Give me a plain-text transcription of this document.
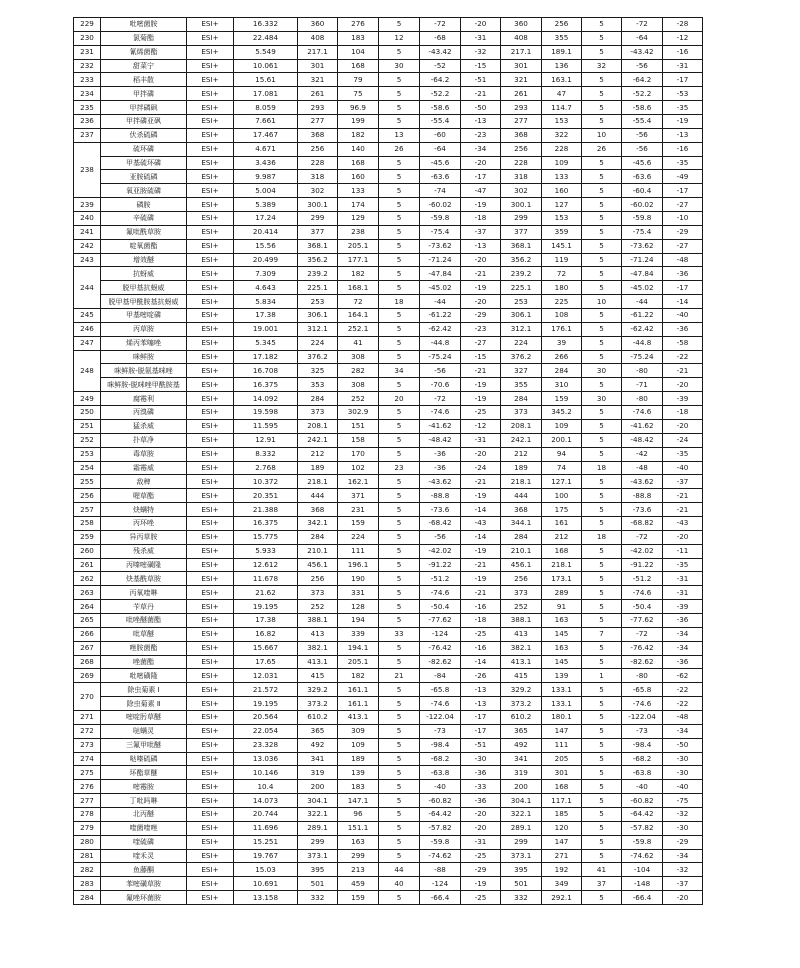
229	吡嘧菌胺	ESI+	16.332	360	276	5	-72	-20	360	256	5	-72	-28
230	氯菊酯	ESI+	22.484	408	183	12	-68	-31	408	355	5	-64	-12
231	氰烯菌酯	ESI+	5.549	217.1	104	5	-43.42	-32	217.1	189.1	5	-43.42	-16
232	甜菜宁	ESI+	10.061	301	168	30	-52	-15	301	136	32	-56	-31
233	稻丰散	ESI+	15.61	321	79	5	-64.2	-51	321	163.1	5	-64.2	-17
234	甲拌磷	ESI+	17.081	261	75	5	-52.2	-21	261	47	5	-52.2	-53
235	甲拌磷砜	ESI+	8.059	293	96.9	5	-58.6	-50	293	114.7	5	-58.6	-35
236	甲拌磷亚砜	ESI+	7.661	277	199	5	-55.4	-13	277	153	5	-55.4	-19
237	伏杀硫磷	ESI+	17.467	368	182	13	-60	-23	368	322	10	-56	-13
238	硫环磷	ESI+	4.671	256	140	26	-64	-34	256	228	26	-56	-16
	甲基硫环磷	ESI+	3.436	228	168	5	-45.6	-20	228	109	5	-45.6	-35
	亚胺硫磷	ESI+	9.987	318	160	5	-63.6	-17	318	133	5	-63.6	-49
	氧亚胺硫磷	ESI+	5.004	302	133	5	-74	-47	302	160	5	-60.4	-17
239	磷胺	ESI+	5.389	300.1	174	5	-60.02	-19	300.1	127	5	-60.02	-27
240	辛硫磷	ESI+	17.24	299	129	5	-59.8	-18	299	153	5	-59.8	-10
241	氟吡酰草胺	ESI+	20.414	377	238	5	-75.4	-37	377	359	5	-75.4	-29
242	啶氧菌酯	ESI+	15.56	368.1	205.1	5	-73.62	-13	368.1	145.1	5	-73.62	-27
243	增效醚	ESI+	20.499	356.2	177.1	5	-71.24	-20	356.2	119	5	-71.24	-48
244	抗蚜威	ESI+	7.309	239.2	182	5	-47.84	-21	239.2	72	5	-47.84	-36
	脱甲基抗蚜威	ESI+	4.643	225.1	168.1	5	-45.02	-19	225.1	180	5	-45.02	-17
	脱甲基甲酰胺基抗蚜威	ESI+	5.834	253	72	18	-44	-20	253	225	10	-44	-14
245	甲基嘧啶磷	ESI+	17.38	306.1	164.1	5	-61.22	-29	306.1	108	5	-61.22	-40
246	丙草胺	ESI+	19.001	312.1	252.1	5	-62.42	-23	312.1	176.1	5	-62.42	-36
247	烯丙苯噻唑	ESI+	5.345	224	41	5	-44.8	-27	224	39	5	-44.8	-58
248	咪鲜胺	ESI+	17.182	376.2	308	5	-75.24	-15	376.2	266	5	-75.24	-22
	咪鲜胺-脱氨基咪唑	ESI+	16.708	325	282	34	-56	-21	327	284	30	-80	-21
	咪鲜胺-脱咪唑甲酰胺基	ESI+	16.375	353	308	5	-70.6	-19	355	310	5	-71	-20
249	腐霉利	ESI+	14.092	284	252	20	-72	-19	284	159	30	-80	-39
250	丙溴磷	ESI+	19.598	373	302.9	5	-74.6	-25	373	345.2	5	-74.6	-18
251	猛杀威	ESI+	11.595	208.1	151	5	-41.62	-12	208.1	109	5	-41.62	-20
252	扑草净	ESI+	12.91	242.1	158	5	-48.42	-31	242.1	200.1	5	-48.42	-24
253	毒草胺	ESI+	8.332	212	170	5	-36	-20	212	94	5	-42	-35
254	霜霉威	ESI+	2.768	189	102	23	-36	-24	189	74	18	-48	-40
255	敌稗	ESI+	10.372	218.1	162.1	5	-43.62	-21	218.1	127.1	5	-43.62	-37
256	喔草酯	ESI+	20.351	444	371	5	-88.8	-19	444	100	5	-88.8	-21
257	炔螨特	ESI+	21.388	368	231	5	-73.6	-14	368	175	5	-73.6	-21
258	丙环唑	ESI+	16.375	342.1	159	5	-68.42	-43	344.1	161	5	-68.82	-43
259	异丙草胺	ESI+	15.775	284	224	5	-56	-14	284	212	18	-72	-20
260	残杀威	ESI+	5.933	210.1	111	5	-42.02	-19	210.1	168	5	-42.02	-11
261	丙嗪嘧磺隆	ESI+	12.612	456.1	196.1	5	-91.22	-21	456.1	218.1	5	-91.22	-35
262	炔基酰草胺	ESI+	11.678	256	190	5	-51.2	-19	256	173.1	5	-51.2	-31
263	丙氧喹啉	ESI+	21.62	373	331	5	-74.6	-21	373	289	5	-74.6	-31
264	苄草丹	ESI+	19.195	252	128	5	-50.4	-16	252	91	5	-50.4	-39
265	吡唑醚菌酯	ESI+	17.38	388.1	194	5	-77.62	-18	388.1	163	5	-77.62	-36
266	吡草醚	ESI+	16.82	413	339	33	-124	-25	413	145	7	-72	-34
267	唑胺菌酯	ESI+	15.667	382.1	194.1	5	-76.42	-16	382.1	163	5	-76.42	-34
268	唑菌酯	ESI+	17.65	413.1	205.1	5	-82.62	-14	413.1	145	5	-82.62	-36
269	吡嘧磺隆	ESI+	12.031	415	182	21	-84	-26	415	139	1	-80	-62
270	除虫菊素 Ⅰ	ESI+	21.572	329.2	161.1	5	-65.8	-13	329.2	133.1	5	-65.8	-22
	除虫菊素 Ⅱ	ESI+	19.195	373.2	161.1	5	-74.6	-13	373.2	133.1	5	-74.6	-22
271	嘧啶肟草醚	ESI+	20.564	610.2	413.1	5	-122.04	-17	610.2	180.1	5	-122.04	-48
272	哒螨灵	ESI+	22.054	365	309	5	-73	-17	365	147	5	-73	-34
273	三氟甲吡醚	ESI+	23.328	492	109	5	-98.4	-51	492	111	5	-98.4	-50
274	哒嗪硫磷	ESI+	13.036	341	189	5	-68.2	-30	341	205	5	-68.2	-30
275	环酯草醚	ESI+	10.146	319	139	5	-63.8	-36	319	301	5	-63.8	-30
276	嘧霉胺	ESI+	10.4	200	183	5	-40	-33	200	168	5	-40	-40
277	丁吡吗啉	ESI+	14.073	304.1	147.1	5	-60.82	-36	304.1	117.1	5	-60.82	-75
278	北丙醚	ESI+	20.744	322.1	96	5	-64.42	-20	322.1	185	5	-64.42	-32
279	喹菌喹唑	ESI+	11.696	289.1	151.1	5	-57.82	-20	289.1	120	5	-57.82	-30
280	喹硫磷	ESI+	15.251	299	163	5	-59.8	-31	299	147	5	-59.8	-29
281	喹禾灵	ESI+	19.767	373.1	299	5	-74.62	-25	373.1	271	5	-74.62	-34
282	鱼藤酮	ESI+	15.03	395	213	44	-88	-29	395	192	41	-104	-32
283	苯嘧磺草胺	ESI+	10.691	501	459	40	-124	-19	501	349	37	-148	-37
284	氟唑环菌胺	ESI+	13.158	332	159	5	-66.4	-25	332	292.1	5	-66.4	-20
